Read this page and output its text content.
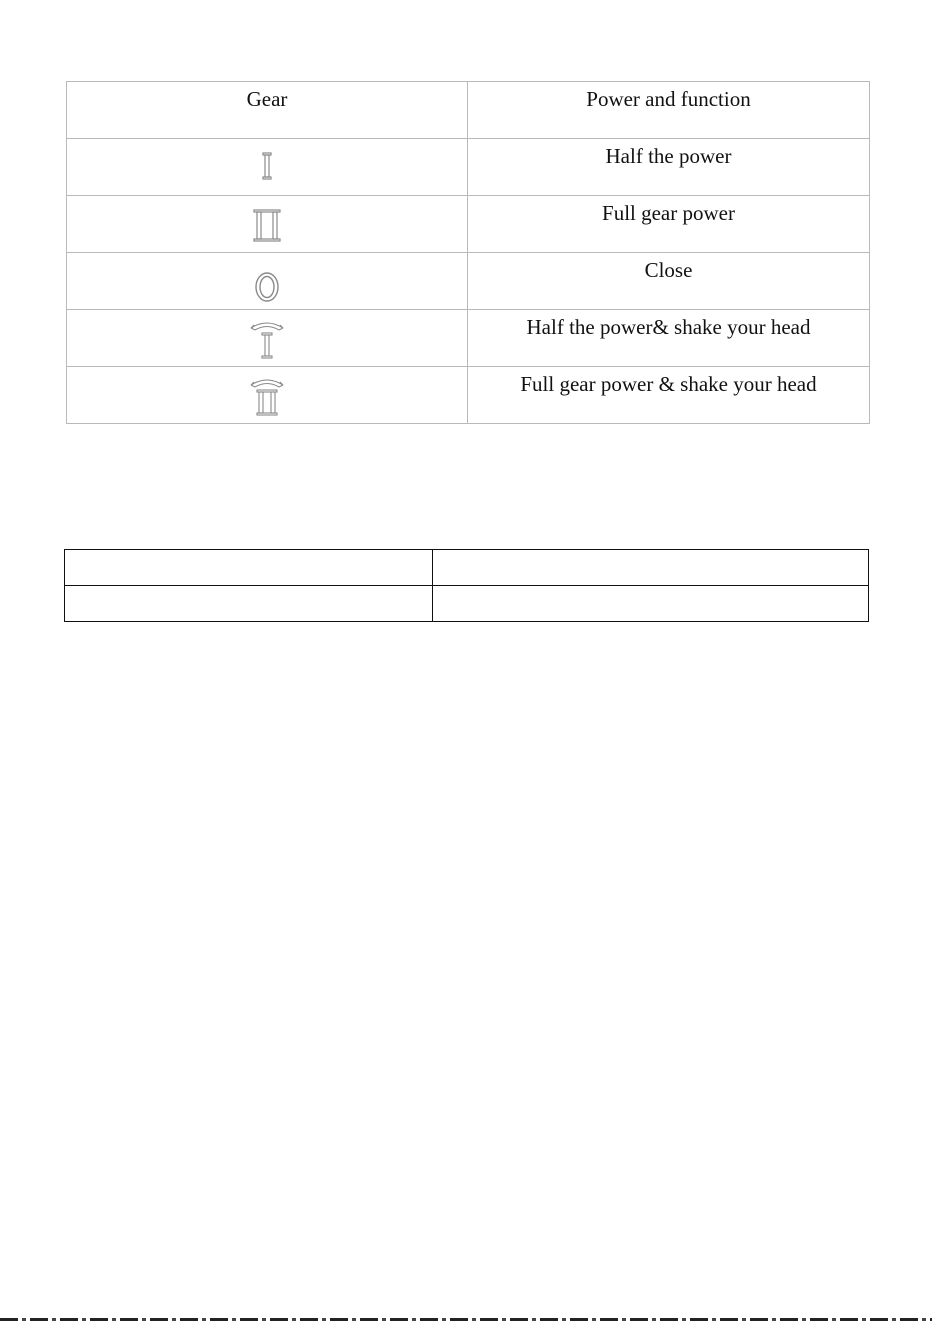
Gear	Power and function

Half the power

Full gear power

Close

Half the power& shake your head

Full gear power & shake your head
